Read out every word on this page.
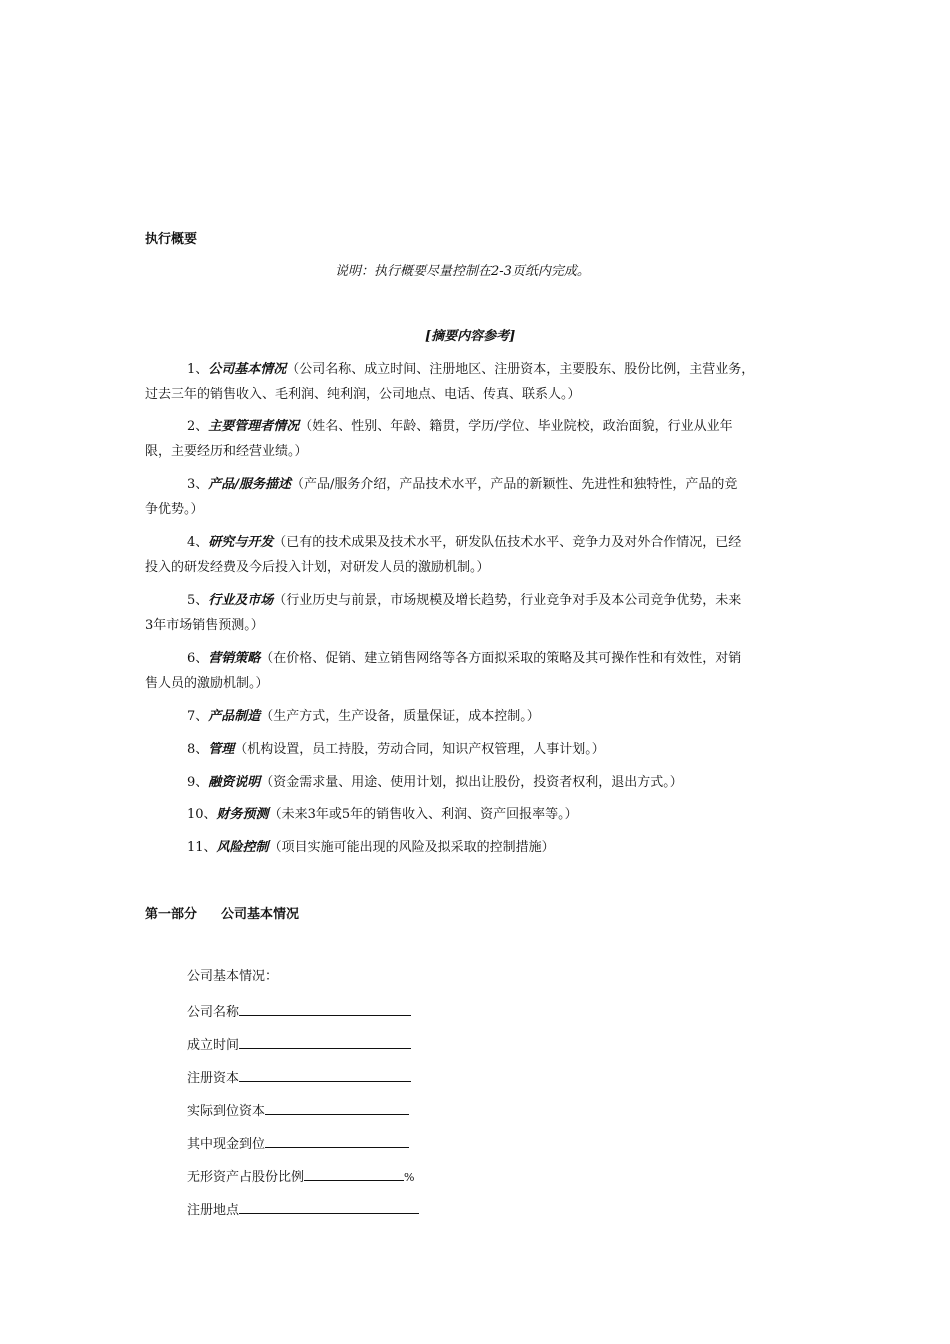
执行概要
说明：执行概要尽量控制在2-3页纸内完成。
[摘要内容参考]
1、公司基本情况（公司名称、成立时间、注册地区、注册资本，主要股东、股份比例，主营业务，
过去三年的销售收入、毛利润、纯利润，公司地点、电话、传真、联系人。）
2、主要管理者情况（姓名、性别、年龄、籍贯，学历/学位、毕业院校，政治面貌，行业从业年
限，主要经历和经营业绩。）
3、产品/服务描述（产品/服务介绍，产品技术水平，产品的新颖性、先进性和独特性，产品的竞
争优势。）
4、研究与开发（已有的技术成果及技术水平，研发队伍技术水平、竞争力及对外合作情况，已经
投入的研发经费及今后投入计划，对研发人员的激励机制。）
5、行业及市场（行业历史与前景，市场规模及增长趋势，行业竞争对手及本公司竞争优势，未来
3年市场销售预测。）
6、营销策略（在价格、促销、建立销售网络等各方面拟采取的策略及其可操作性和有效性，对销
售人员的激励机制。）
7、产品制造（生产方式，生产设备，质量保证，成本控制。）
8、管理（机构设置，员工持股，劳动合同，知识产权管理，人事计划。）
9、融资说明（资金需求量、用途、使用计划，拟出让股份，投资者权利，退出方式。）
10、财务预测（未来3年或5年的销售收入、利润、资产回报率等。）
11、风险控制（项目实施可能出现的风险及拟采取的控制措施）
第一部分 公司基本情况
公司基本情况：
公司名称
成立时间
注册资本
实际到位资本
其中现金到位
无形资产占股份比例	%
注册地点
